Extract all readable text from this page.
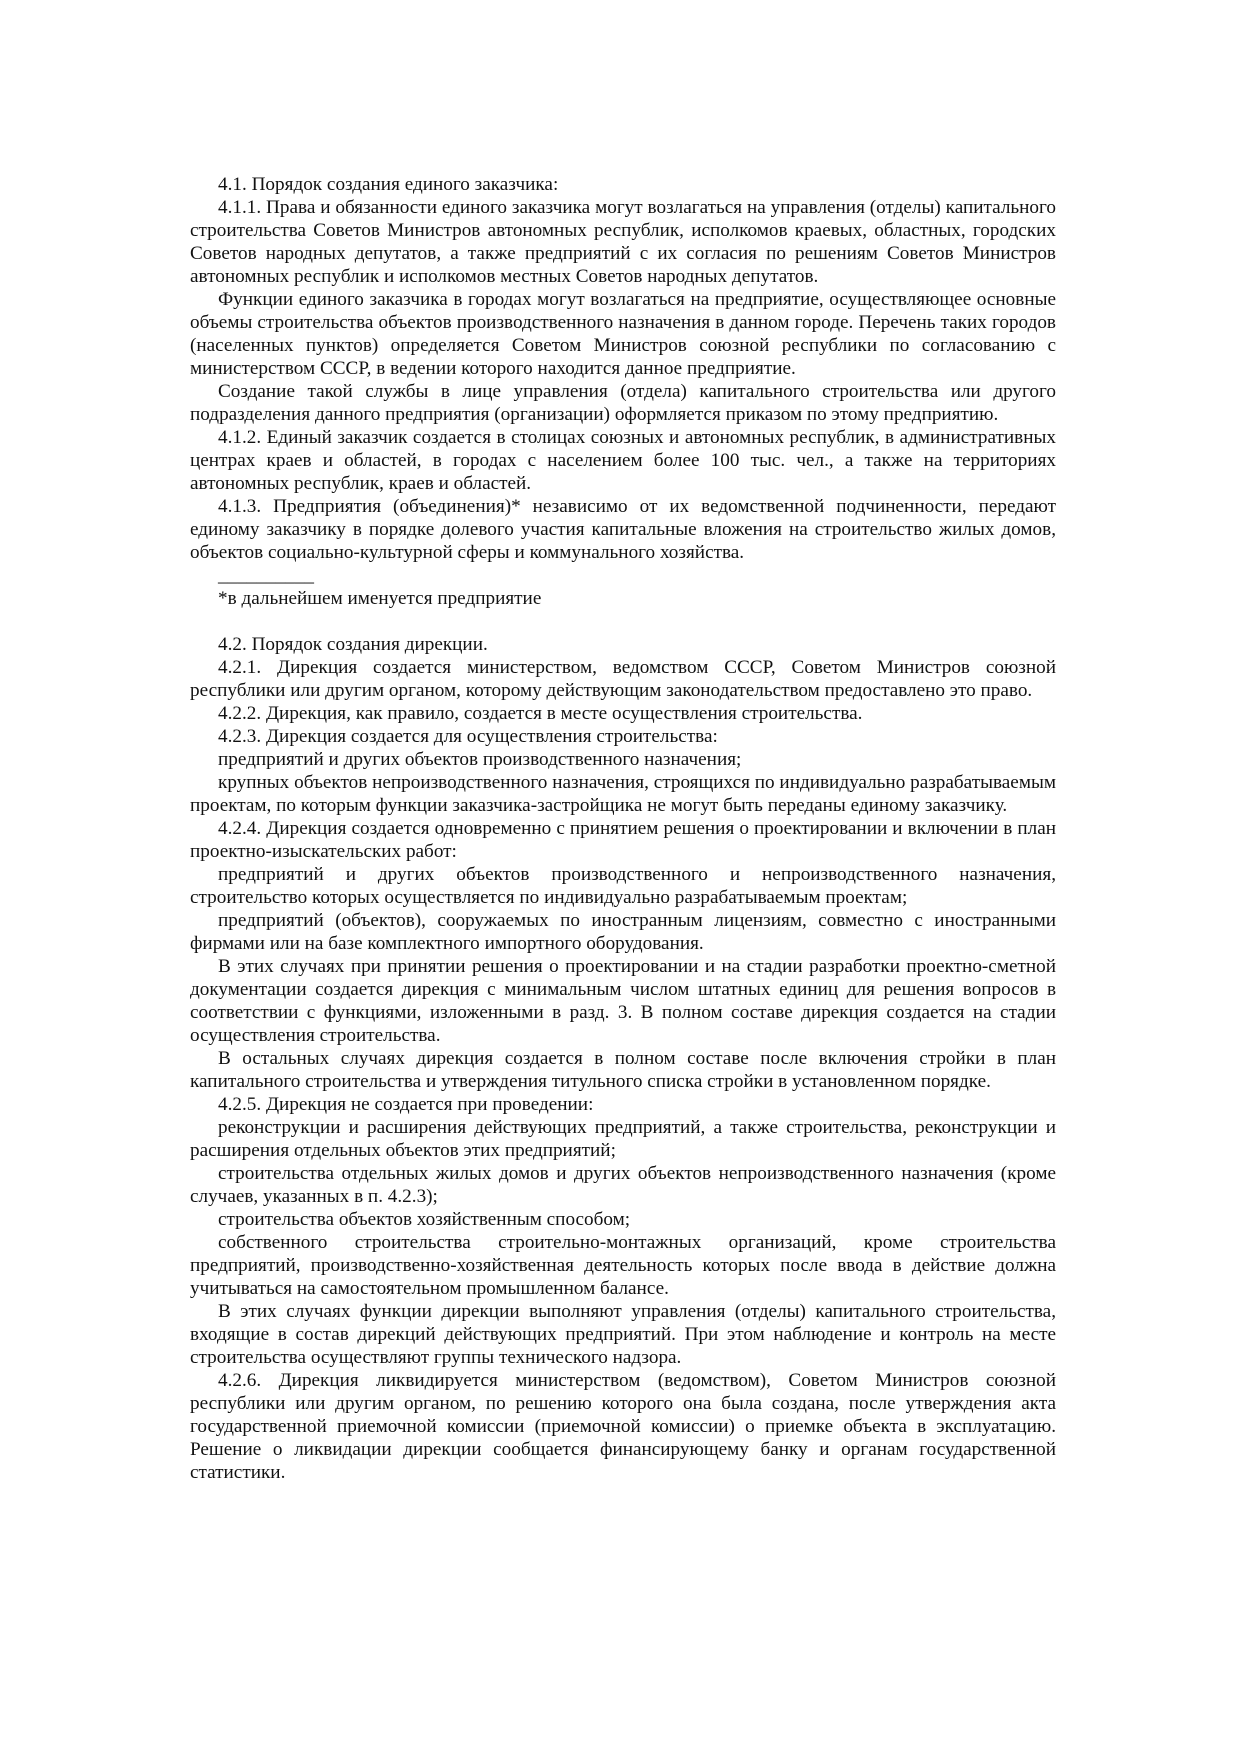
4.1. Порядок создания единого заказчика:

4.1.1. Права и обязанности единого заказчика могут возлагаться на управления (отделы) капитального строительства Советов Министров автономных республик, исполкомов краевых, областных, городских Советов народных депутатов, а также предприятий с их согласия по решениям Советов Министров автономных республик и исполкомов местных Советов народных депутатов.

Функции единого заказчика в городах могут возлагаться на предприятие, осуществляющее основные объемы строительства объектов производственного назначения в данном городе. Перечень таких городов (населенных пунктов) определяется Советом Министров союзной республики по согласованию с министерством СССР, в ведении которого находится данное предприятие.

Создание такой службы в лице управления (отдела) капитального строительства или другого подразделения данного предприятия (организации) оформляется приказом по этому предприятию.

4.1.2. Единый заказчик создается в столицах союзных и автономных республик, в административных центрах краев и областей, в городах с населением более 100 тыс. чел., а также на территориях автономных республик, краев и областей.

4.1.3. Предприятия (объединения)* независимо от их ведомственной подчиненности, передают единому заказчику в порядке долевого участия капитальные вложения на строительство жилых домов, объектов социально-культурной сферы и коммунального хозяйства.

__________
*в дальнейшем именуется предприятие

4.2. Порядок создания дирекции.

4.2.1. Дирекция создается министерством, ведомством СССР, Советом Министров союзной республики или другим органом, которому действующим законодательством предоставлено это право.

4.2.2. Дирекция, как правило, создается в месте осуществления строительства.

4.2.3. Дирекция создается для осуществления строительства:

предприятий и других объектов производственного назначения;

крупных объектов непроизводственного назначения, строящихся по индивидуально разрабатываемым проектам, по которым функции заказчика-застройщика не могут быть переданы единому заказчику.

4.2.4. Дирекция создается одновременно с принятием решения о проектировании и включении в план проектно-изыскательских работ:

предприятий и других объектов производственного и непроизводственного назначения, строительство которых осуществляется по индивидуально разрабатываемым проектам;

предприятий (объектов), сооружаемых по иностранным лицензиям, совместно с иностранными фирмами или на базе комплектного импортного оборудования.

В этих случаях при принятии решения о проектировании и на стадии разработки проектно-сметной документации создается дирекция с минимальным числом штатных единиц для решения вопросов в соответствии с функциями, изложенными в разд. 3. В полном составе дирекция создается на стадии осуществления строительства.

В остальных случаях дирекция создается в полном составе после включения стройки в план капитального строительства и утверждения титульного списка стройки в установленном порядке.

4.2.5. Дирекция не создается при проведении:

реконструкции и расширения действующих предприятий, а также строительства, реконструкции и расширения отдельных объектов этих предприятий;

строительства отдельных жилых домов и других объектов непроизводственного назначения (кроме случаев, указанных в п. 4.2.3);

строительства объектов хозяйственным способом;

собственного строительства строительно-монтажных организаций, кроме строительства предприятий, производственно-хозяйственная деятельность которых после ввода в действие должна учитываться на самостоятельном промышленном балансе.

В этих случаях функции дирекции выполняют управления (отделы) капитального строительства, входящие в состав дирекций действующих предприятий. При этом наблюдение и контроль на месте строительства осуществляют группы технического надзора.

4.2.6. Дирекция ликвидируется министерством (ведомством), Советом Министров союзной республики или другим органом, по решению которого она была создана, после утверждения акта государственной приемочной комиссии (приемочной комиссии) о приемке объекта в эксплуатацию. Решение о ликвидации дирекции сообщается финансирующему банку и органам государственной статистики.
